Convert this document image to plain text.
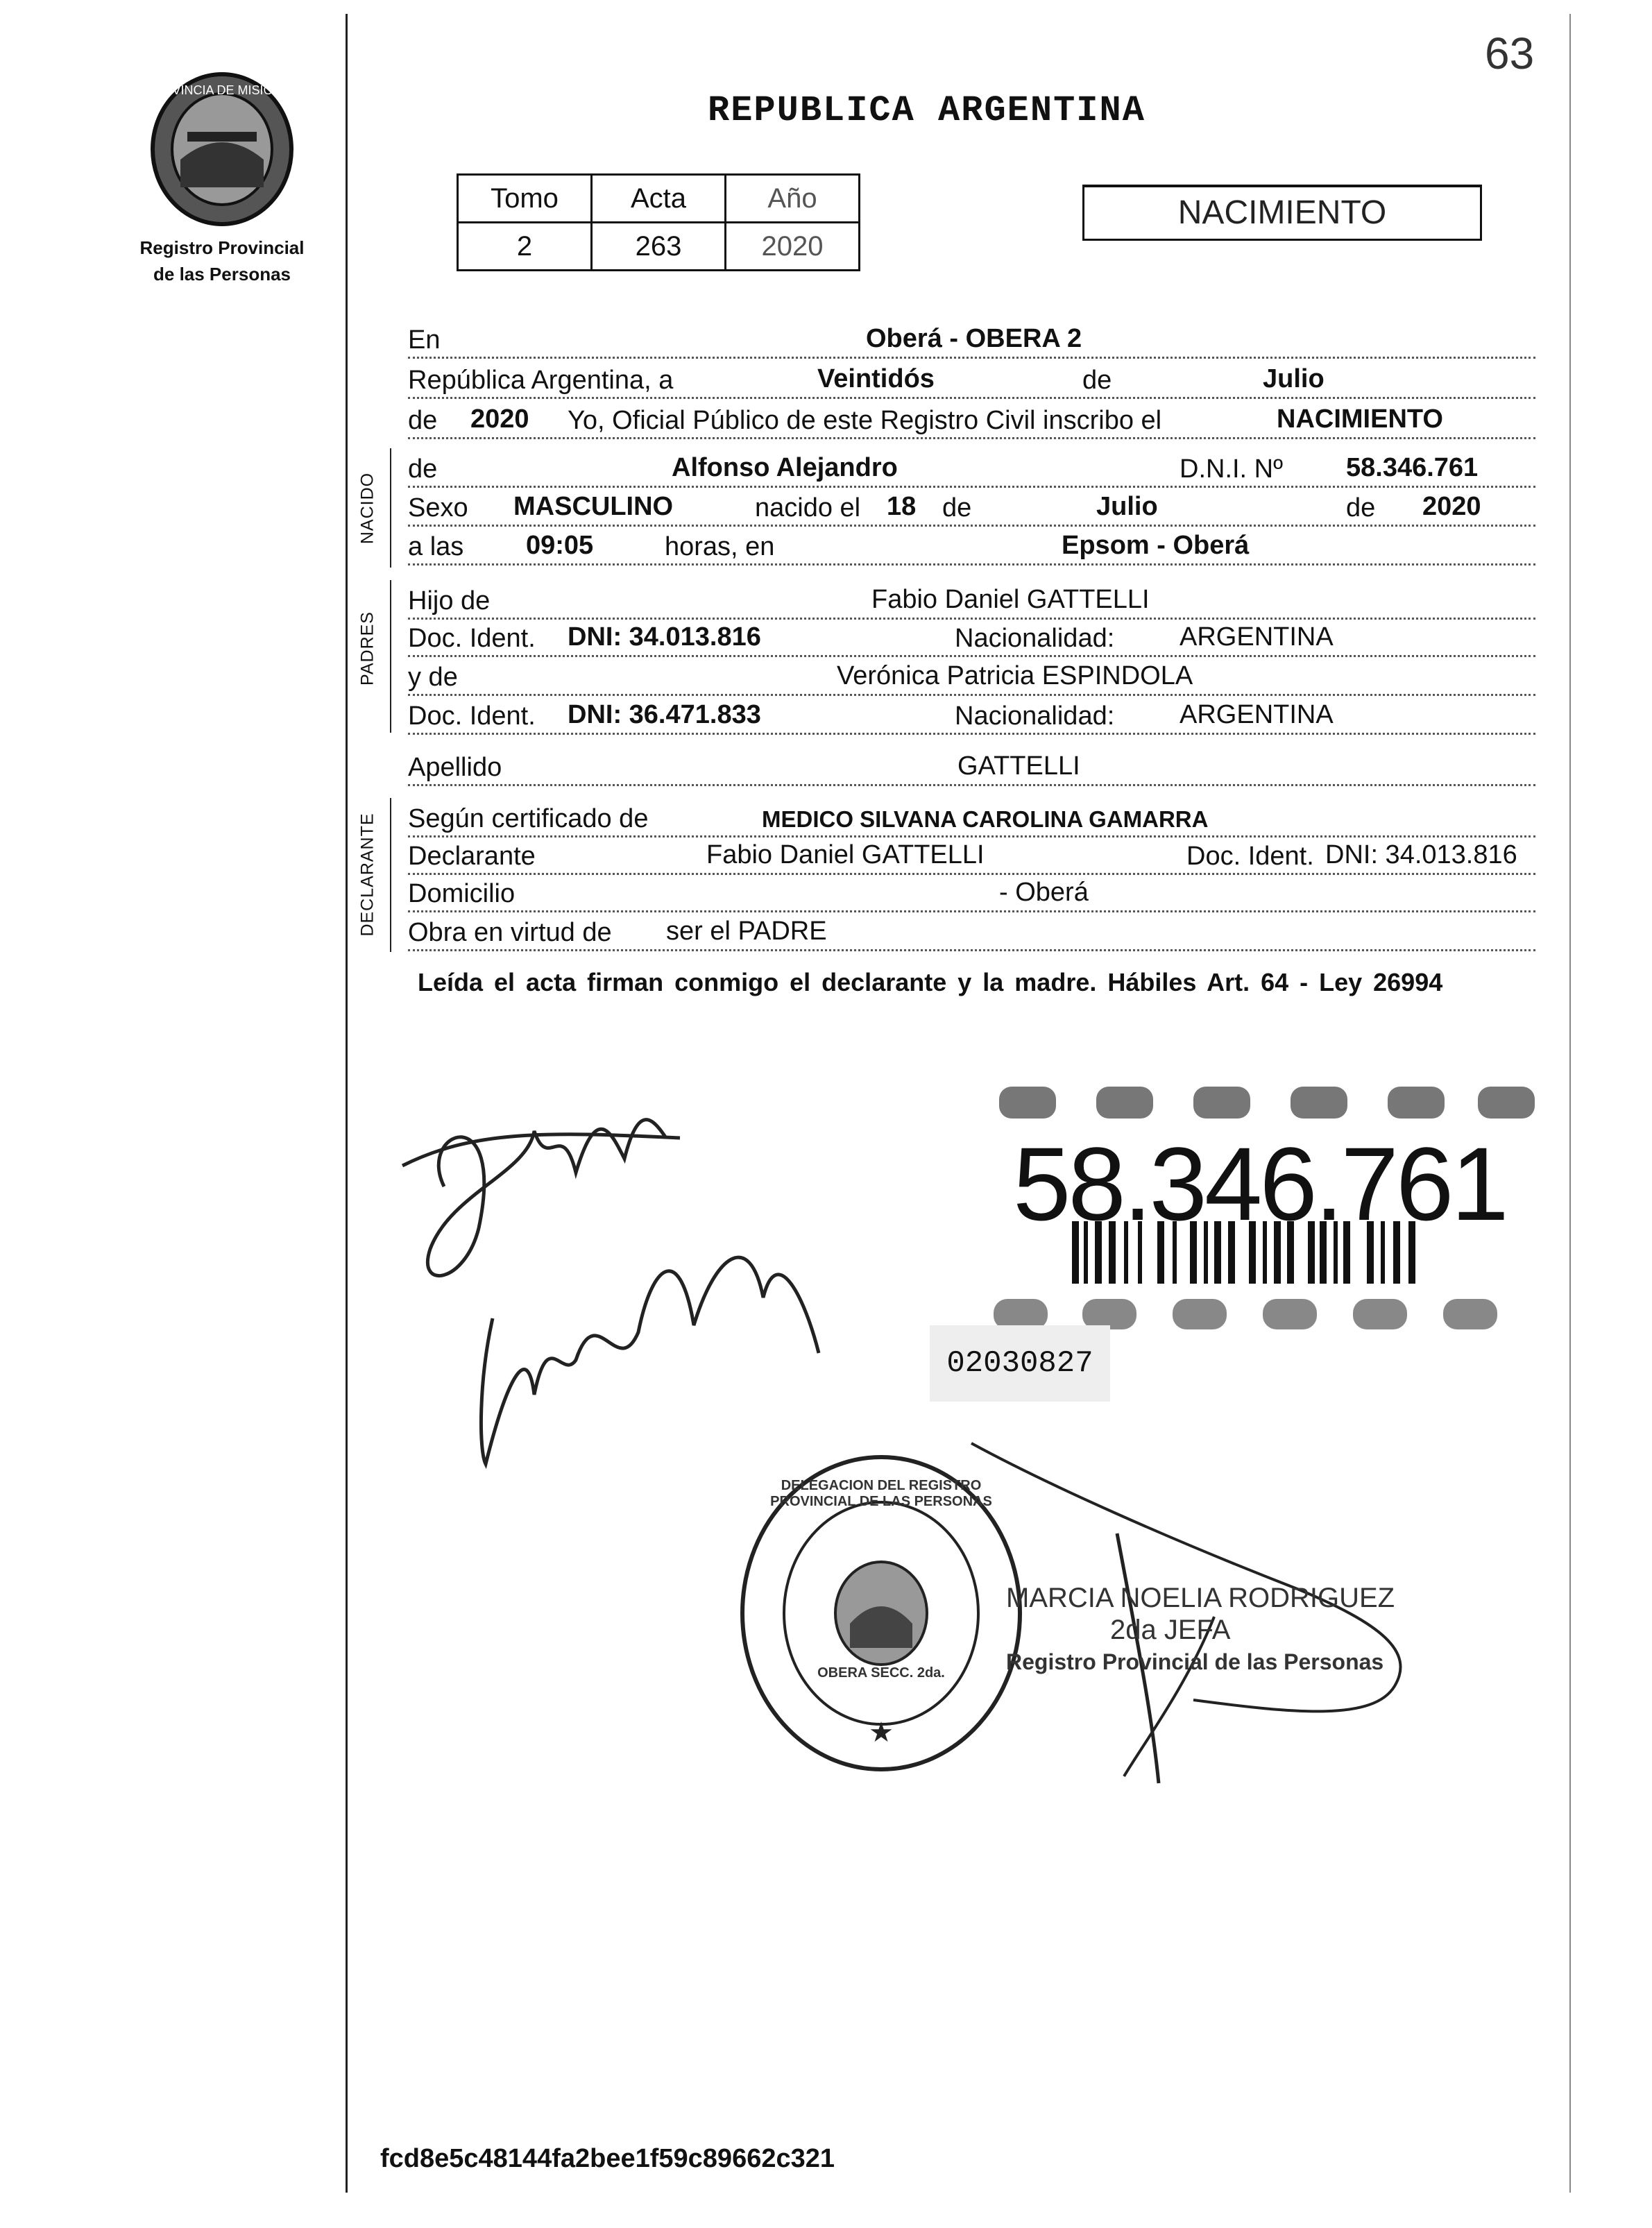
63
PROVINCIA DE MISIONES
Registro Provincial
de las Personas
REPUBLICA ARGENTINA
Tomo	Acta	Año
2	263	2020
NACIMIENTO
En	Oberá - OBERA 2
República Argentina, a	Veintidós	de	Julio
de 2020 Yo, Oficial Público de este Registro Civil inscribo el	NACIMIENTO
NACIDO
de	Alfonso Alejandro	D.N.I. Nº 58.346.761
Sexo MASCULINO	nacido el 18 de	Julio	de 2020
a las 09:05	horas, en	Epsom - Oberá
PADRES
Hijo de	Fabio Daniel GATTELLI
Doc. Ident. DNI: 34.013.816	Nacionalidad: ARGENTINA
y de	Verónica Patricia ESPINDOLA
Doc. Ident. DNI: 36.471.833	Nacionalidad: ARGENTINA
Apellido	GATTELLI
DECLARANTE Según certificado de	MEDICO SILVANA CAROLINA GAMARRA
Declarante	Fabio Daniel GATTELLI	Doc. Ident. DNI: 34.013.816
Domicilio	- Oberá
Obra en virtud de ser el PADRE
Leída el acta firman conmigo el declarante y la madre. Hábiles Art. 64 - Ley 26994
58.346.761
02030827
★
DELEGACION DEL REGISTRO PROVINCIAL DE LAS PERSONAS
OBERA SECC. 2da.
MARCIA NOELIA RODRIGUEZ
2da JEFA
Registro Provincial de las Personas
fcd8e5c48144fa2bee1f59c89662c321
